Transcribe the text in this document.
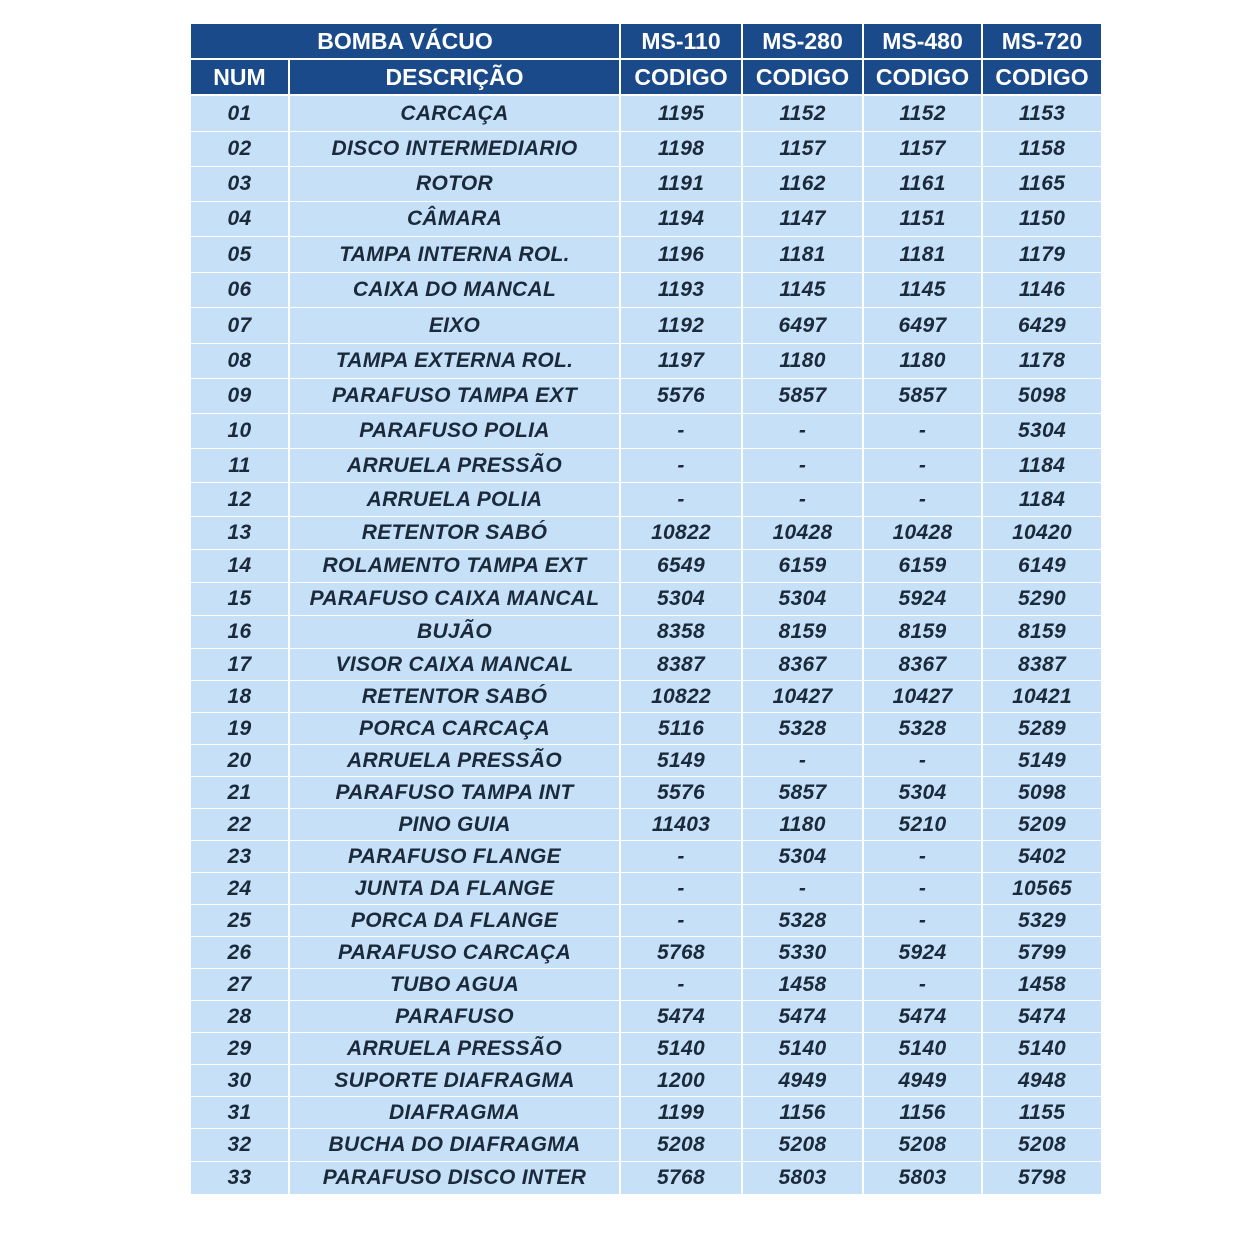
BOMBA VÁCUO		MS-110	MS-280	MS-480	MS-720
NUM	DESCRIÇÃO	CODIGO	CODIGO	CODIGO	CODIGO
01	CARCAÇA	1195	1152	1152	1153
02	DISCO INTERMEDIARIO	1198	1157	1157	1158
03	ROTOR	1191	1162	1161	1165
04	CÂMARA	1194	1147	1151	1150
05	TAMPA INTERNA ROL.	1196	1181	1181	1179
06	CAIXA DO MANCAL	1193	1145	1145	1146
07	EIXO	1192	6497	6497	6429
08	TAMPA EXTERNA ROL.	1197	1180	1180	1178
09	PARAFUSO TAMPA EXT	5576	5857	5857	5098
10	PARAFUSO POLIA	-	-	-	5304
11	ARRUELA PRESSÃO	-	-	-	1184
12	ARRUELA POLIA	-	-	-	1184
13	RETENTOR SABÓ	10822	10428	10428	10420
14	ROLAMENTO TAMPA EXT	6549	6159	6159	6149
15	PARAFUSO CAIXA MANCAL	5304	5304	5924	5290
16	BUJÃO	8358	8159	8159	8159
17	VISOR CAIXA MANCAL	8387	8367	8367	8387
18	RETENTOR SABÓ	10822	10427	10427	10421
19	PORCA CARCAÇA	5116	5328	5328	5289
20	ARRUELA PRESSÃO	5149	-	-	5149
21	PARAFUSO TAMPA INT	5576	5857	5304	5098
22	PINO GUIA	11403	1180	5210	5209
23	PARAFUSO FLANGE	-	5304	-	5402
24	JUNTA DA FLANGE	-	-	-	10565
25	PORCA DA FLANGE	-	5328	-	5329
26	PARAFUSO CARCAÇA	5768	5330	5924	5799
27	TUBO AGUA	-	1458	-	1458
28	PARAFUSO	5474	5474	5474	5474
29	ARRUELA PRESSÃO	5140	5140	5140	5140
30	SUPORTE DIAFRAGMA	1200	4949	4949	4948
31	DIAFRAGMA	1199	1156	1156	1155
32	BUCHA DO DIAFRAGMA	5208	5208	5208	5208
33	PARAFUSO DISCO INTER	5768	5803	5803	5798
